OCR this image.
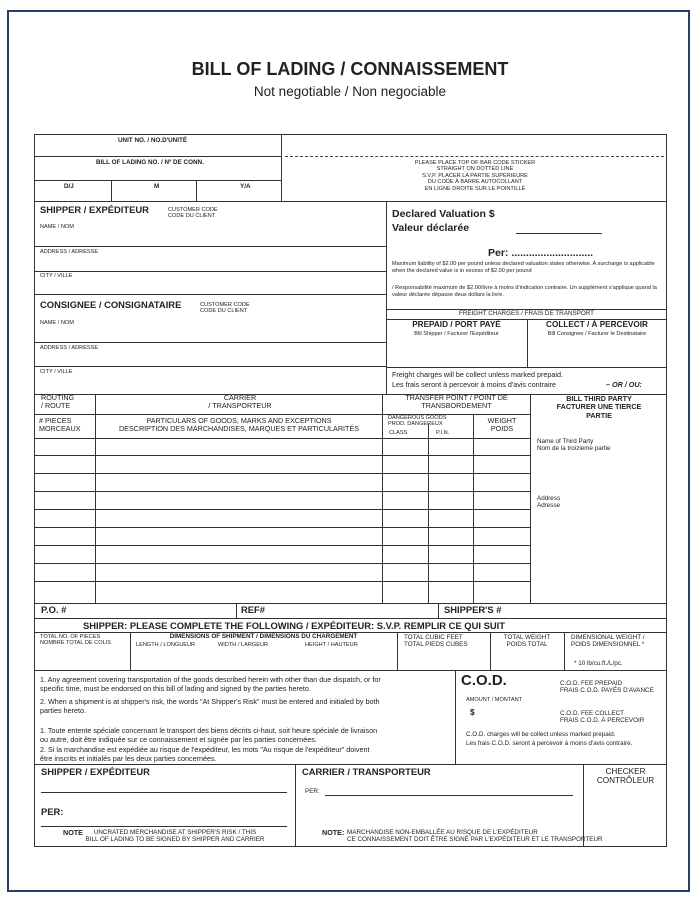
BILL OF LADING / CONNAISSEMENT
Not negotiable / Non negociable
UNIT NO. / NO.D'UNITÉ
BILL OF LADING NO. / Nº DE CONN.
D/J	M	Y/A
PLEASE PLACE TOP OF BAR CODE STICKER
STRAIGHT ON DOTTED LINE
S.V.P. PLACER LA PARTIE SUPÉRIEURE
DU CODE À BARRE AUTOCOLLANT
EN LIGNE DROITE SUR LE POINTILLÉ
SHIPPER / EXPÉDITEUR	CUSTOMER CODE
CODE DU CLIENT
NAME / NOM
ADDRESS / ADRESSE
CITY / VILLE
CONSIGNEE / CONSIGNATAIRE	CUSTOMER CODE
CODE DU CLIENT
NAME / NOM
ADDRESS / ADRESSE
CITY / VILLE
Declared Valuation $
Valeur déclarée
Per: ............................
Maximum liability of $2.00 per pound unless declared valuation states otherwise. A surcharge is applicable when the declared value is in excess of $2.00 per pound
/ Responsabilité maximum de $2.00/livre à moins d'indication contraire. Un supplément s'applique quand la valeur déclarée dépasse deux dollars la livre.
FREIGHT CHARGES / FRAIS DE TRANSPORT
PREPAID / PORT PAYÉ
Bill Shipper / Facturer l'Expéditeur
COLLECT / À PERCEVOIR
Bill Consignee / Facturer le Destinataire
Freight charges will be collect unless marked prepaid.
Les frais seront à percevoir à moins d'avis contraire	– OR / OU:
ROUTING
/ ROUTE
CARRIER
/ TRANSPORTEUR
TRANSFER POINT / POINT DE
TRANSBORDEMENT
BILL THIRD PARTY
FACTURER UNE TIERCE
PARTIE
Name of Third Party
Nom de la troizieme partie
Address
Adresse
# PIECES
MORCEAUX
PARTICULARS OF GOODS, MARKS AND EXCEPTIONS
DESCRIPTION DES MARCHANDISES, MARQUES ET PARTICULARITÉS
DANGEROUS GOODS
PROD. DANGEREUX
CLASS	P.I.N.
WEIGHT
POIDS
P.O. #	REF#	SHIPPER'S #
SHIPPER: PLEASE COMPLETE THE FOLLOWING / EXPÉDITEUR: S.V.P. REMPLIR CE QUI SUIT
TOTAL NO. OF PIECES
NOMBRE TOTAL DE COLIS
DIMENSIONS OF SHIPMENT / DIMENSIONS DU CHARGEMENT
LENGTH / LONGUEUR	WIDTH / LARGEUR	HEIGHT / HAUTEUR
TOTAL CUBIC FEET
TOTAL PIEDS CUBES
TOTAL WEIGHT
POIDS TOTAL
DIMENSIONAL WEIGHT /
POIDS DIMENSIONNEL *
* 10 lb/cu.ft./L/pc.
1. Any agreement covering transportation of the goods described herein with other than due dispatch, or for
specific time, must be endorsed on this bill of lading and signed by the parties hereto.
2. When a shipment is at shipper's risk, the words "At Shipper's Risk" must be entered and initialed by both
parties hereto.
1. Toute entente spéciale concernant le transport des biens décrits ci-haut, soit heure spéciale de livraison
ou autre, doit être indiquée sur ce connaissement et signée par les parties concernées.
2. Si la marchandise est expédiée au risque de l'expéditeur, les mots "Au risque de l'expéditeur" doivent
être inscrits et initialés par les deux parties concernées.
C.O.D.	C.O.D. FEE PREPAID
FRAIS C.O.D. PAYÉS D'AVANCE
AMOUNT / MONTANT
$	C.O.D. FEE COLLECT
FRAIS C.O.D. À PERCEVOIR
C.O.D. charges will be collect unless marked prepaid.
Les frais C.O.D. seront à percevoir à moins d'avis contraire.
SHIPPER / EXPÉDITEUR
PER:
NOTE	UNCRATED MERCHANDISE AT SHIPPER'S RISK / THIS
BILL OF LADING TO BE SIGNED BY SHIPPER AND CARRIER
CARRIER / TRANSPORTEUR
PER:
NOTE: MARCHANDISE NON-EMBALLÉE AU RISQUE DE L'EXPÉDITEUR
CE CONNAISSEMENT DOIT ÊTRE SIGNÉ PAR L'EXPÉDITEUR ET LE TRANSPORTEUR
CHECKER
CONTRÔLEUR
